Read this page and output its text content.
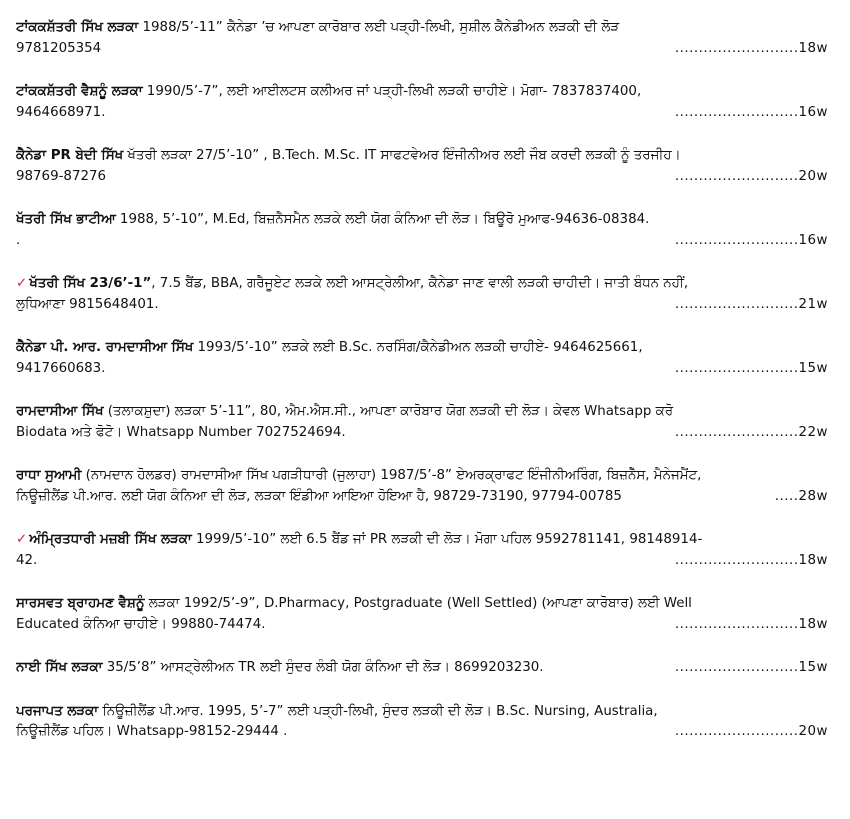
ਟਾਂਕਕਸ਼ੱਤਰੀ ਸਿੱਖ ਲੜਕਾ 1988/5’-11” ਕੈਨੇਡਾ ’ਚ ਆਪਣਾ ਕਾਰੋਬਾਰ ਲਈ ਪੜ੍ਹੀ-ਲਿਖੀ, ਸੁਸ਼ੀਲ ਕੈਨੇਡੀਅਨ ਲੜਕੀ ਦੀ ਲੋੜ
9781205354	..........................18w
ਟਾਂਕਕਸ਼ੱਤਰੀ ਵੈਸ਼ਨੂੰ ਲੜਕਾ 1990/5’-7”, ਲਈ ਆਈਲਟਸ ਕਲੀਅਰ ਜਾਂ ਪੜ੍ਹੀ-ਲਿਖੀ ਲੜਕੀ ਚਾਹੀਏ। ਮੋਗਾ- 7837837400,
9464668971.	..........................16w
ਕੈਨੇਡਾ PR ਬੇਦੀ ਸਿੱਖ ਖੱਤਰੀ ਲੜਕਾ 27/5’-10” , B.Tech. M.Sc. IT ਸਾਫਟਵੇਅਰ ਇੰਜੀਨੀਅਰ ਲਈ ਜੌਬ ਕਰਦੀ ਲੜਕੀ ਨੂੰ ਤਰਜੀਹ।
98769-87276	..........................20w
ਖੱਤਰੀ ਸਿੱਖ ਭਾਟੀਆ 1988, 5’-10”, M.Ed, ਬਿਜ਼ਨੈਸਮੈਨ ਲੜਕੇ ਲਈ ਯੋਗ ਕੰਨਿਆ ਦੀ ਲੋੜ। ਬਿਊਰੋ ਮੁਆਫ-94636-08384.
.	..........................16w
✓ ਖੱਤਰੀ ਸਿੱਖ 23/6’-1”, 7.5 ਬੈਂਡ, BBA, ਗਰੈਜੂਏਟ ਲੜਕੇ ਲਈ ਆਸਟ੍ਰੇਲੀਆ, ਕੈਨੇਡਾ ਜਾਣ ਵਾਲੀ ਲੜਕੀ ਚਾਹੀਦੀ। ਜਾਤੀ ਬੰਧਨ ਨਹੀਂ,
ਲੁਧਿਆਣਾ 9815648401.	..........................21w
ਕੈਨੇਡਾ ਪੀ. ਆਰ. ਰਾਮਦਾਸੀਆ ਸਿੱਖ 1993/5’-10” ਲੜਕੇ ਲਈ B.Sc. ਨਰਸਿੰਗ/ਕੈਨੇਡੀਅਨ ਲੜਕੀ ਚਾਹੀਏ- 9464625661,
9417660683.	..........................15w
ਰਾਮਦਾਸੀਆ ਸਿੱਖ (ਤਲਾਕਸ਼ੁਦਾ) ਲੜਕਾ 5’-11”, 80, ਐਮ.ਐਸ.ਸੀ., ਆਪਣਾ ਕਾਰੋਬਾਰ ਯੋਗ ਲੜਕੀ ਦੀ ਲੋੜ। ਕੇਵਲ Whatsapp ਕਰੋ
Biodata ਅਤੇ ਫੋਟੋ। Whatsapp Number 7027524694.	..........................22w
ਰਾਧਾ ਸੁਆਮੀ (ਨਾਮਦਾਨ ਹੋਲਡਰ) ਰਾਮਦਾਸੀਆ ਸਿੱਖ ਪਗੜੀਧਾਰੀ (ਜੁਲਾਹਾ) 1987/5’-8” ਏਅਰਕ੍ਰਾਫਟ ਇੰਜੀਨੀਅਰਿੰਗ, ਬਿਜ਼ਨੈੱਸ, ਮੈਨੇਜਮੈਂਟ,
ਨਿਊਜ਼ੀਲੈਂਡ ਪੀ.ਆਰ. ਲਈ ਯੋਗ ਕੰਨਿਆ ਦੀ ਲੋੜ, ਲੜਕਾ ਇੰਡੀਆ ਆਇਆ ਹੋਇਆ ਹੈ, 98729-73190, 97794-00785	.....28w
✓ ਅੰਮ੍ਰਿਤਧਾਰੀ ਮਜ਼ਬੀ ਸਿੱਖ ਲੜਕਾ 1999/5’-10” ਲਈ 6.5 ਬੈਂਡ ਜਾਂ PR ਲੜਕੀ ਦੀ ਲੋੜ। ਮੋਗਾ ਪਹਿਲ 9592781141, 98148914-
42.	..........................18w
ਸਾਰਸਵਤ ਬ੍ਰਾਹਮਣ ਵੈਸ਼ਨੂੰ ਲੜਕਾ 1992/5’-9”, D.Pharmacy, Postgraduate (Well Settled) (ਆਪਣਾ ਕਾਰੋਬਾਰ) ਲਈ Well
Educated ਕੰਨਿਆ ਚਾਹੀਏ। 99880-74474.	..........................18w
ਨਾਈ ਸਿੱਖ ਲੜਕਾ 35/5’8” ਆਸਟ੍ਰੇਲੀਅਨ TR ਲਈ ਸੁੰਦਰ ਲੰਬੀ ਯੋਗ ਕੰਨਿਆ ਦੀ ਲੋੜ। 8699203230.	..........................15w
ਪਰਜਾਪਤ ਲੜਕਾ ਨਿਊਜ਼ੀਲੈਂਡ ਪੀ.ਆਰ. 1995, 5’-7” ਲਈ ਪੜ੍ਹੀ-ਲਿਖੀ, ਸੁੰਦਰ ਲੜਕੀ ਦੀ ਲੋੜ। B.Sc. Nursing, Australia,
ਨਿਊਜ਼ੀਲੈਂਡ ਪਹਿਲ। Whatsapp-98152-29444 .	..........................20w
